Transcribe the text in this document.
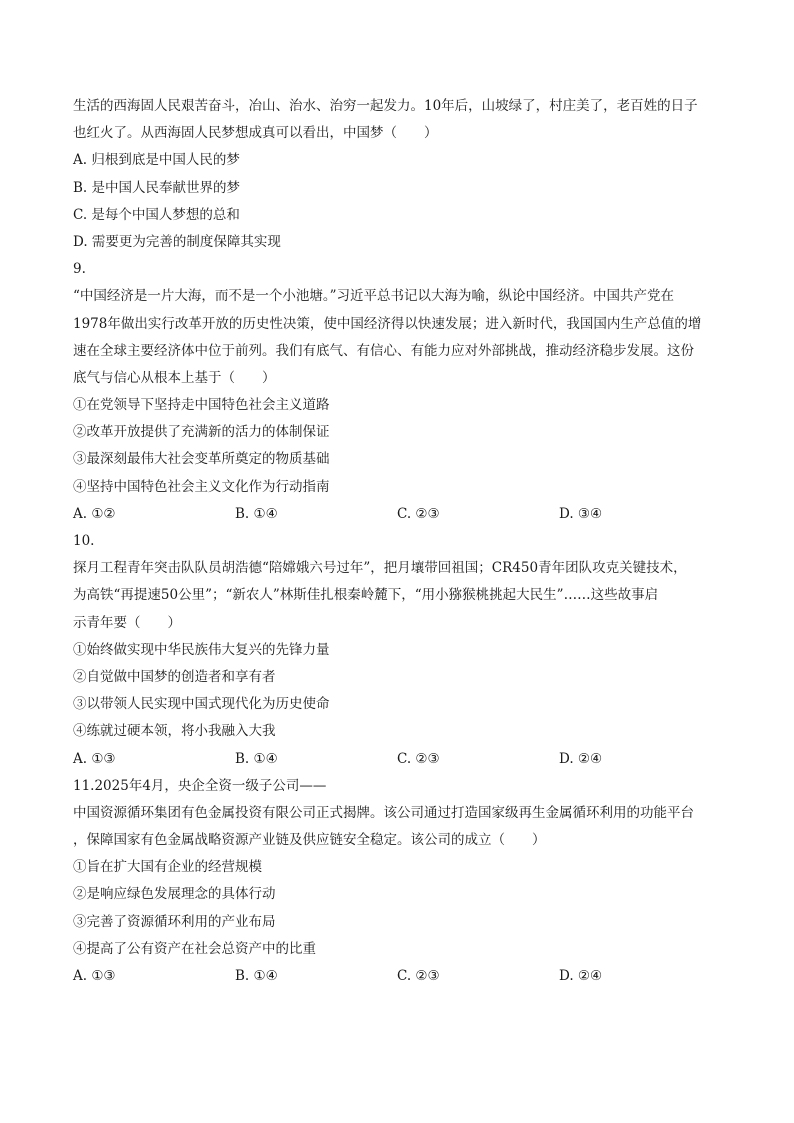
生活的西海固人民艰苦奋斗，冶山、治水、治穷一起发力。10年后，山坡绿了，村庄美了，老百姓的日子
也红火了。从西海固人民梦想成真可以看出，中国梦（　　）
A. 归根到底是中国人民的梦
B. 是中国人民奉献世界的梦
C. 是每个中国人梦想的总和
D. 需要更为完善的制度保障其实现
9.
“中国经济是一片大海，而不是一个小池塘。”习近平总书记以大海为喻，纵论中国经济。中国共产党在
1978年做出实行改革开放的历史性决策，使中国经济得以快速发展；进入新时代，我国国内生产总值的增
速在全球主要经济体中位于前列。我们有底气、有信心、有能力应对外部挑战，推动经济稳步发展。这份
底气与信心从根本上基于（　　）
①在党领导下坚持走中国特色社会主义道路
②改革开放提供了充满新的活力的体制保证
③最深刻最伟大社会变革所奠定的物质基础
④坚持中国特色社会主义文化作为行动指南
A. ①②	B. ①④	C. ②③	D. ③④
10.
探月工程青年突击队队员胡浩德“陪嫦娥六号过年”，把月壤带回祖国；CR450青年团队攻克关键技术，
为高铁“再提速50公里”；“新农人”林斯佳扎根秦岭麓下，“用小猕猴桃挑起大民生”……这些故事启
示青年要（　　）
①始终做实现中华民族伟大复兴的先锋力量
②自觉做中国梦的创造者和享有者
③以带领人民实现中国式现代化为历史使命
④练就过硬本领，将小我融入大我
A. ①③	B. ①④	C. ②③	D. ②④
11.2025年4月，央企全资一级子公司——
中国资源循环集团有色金属投资有限公司正式揭牌。该公司通过打造国家级再生金属循环利用的功能平台
，保障国家有色金属战略资源产业链及供应链安全稳定。该公司的成立（　　）
①旨在扩大国有企业的经营规模
②是响应绿色发展理念的具体行动
③完善了资源循环利用的产业布局
④提高了公有资产在社会总资产中的比重
A. ①③	B. ①④	C. ②③	D. ②④
